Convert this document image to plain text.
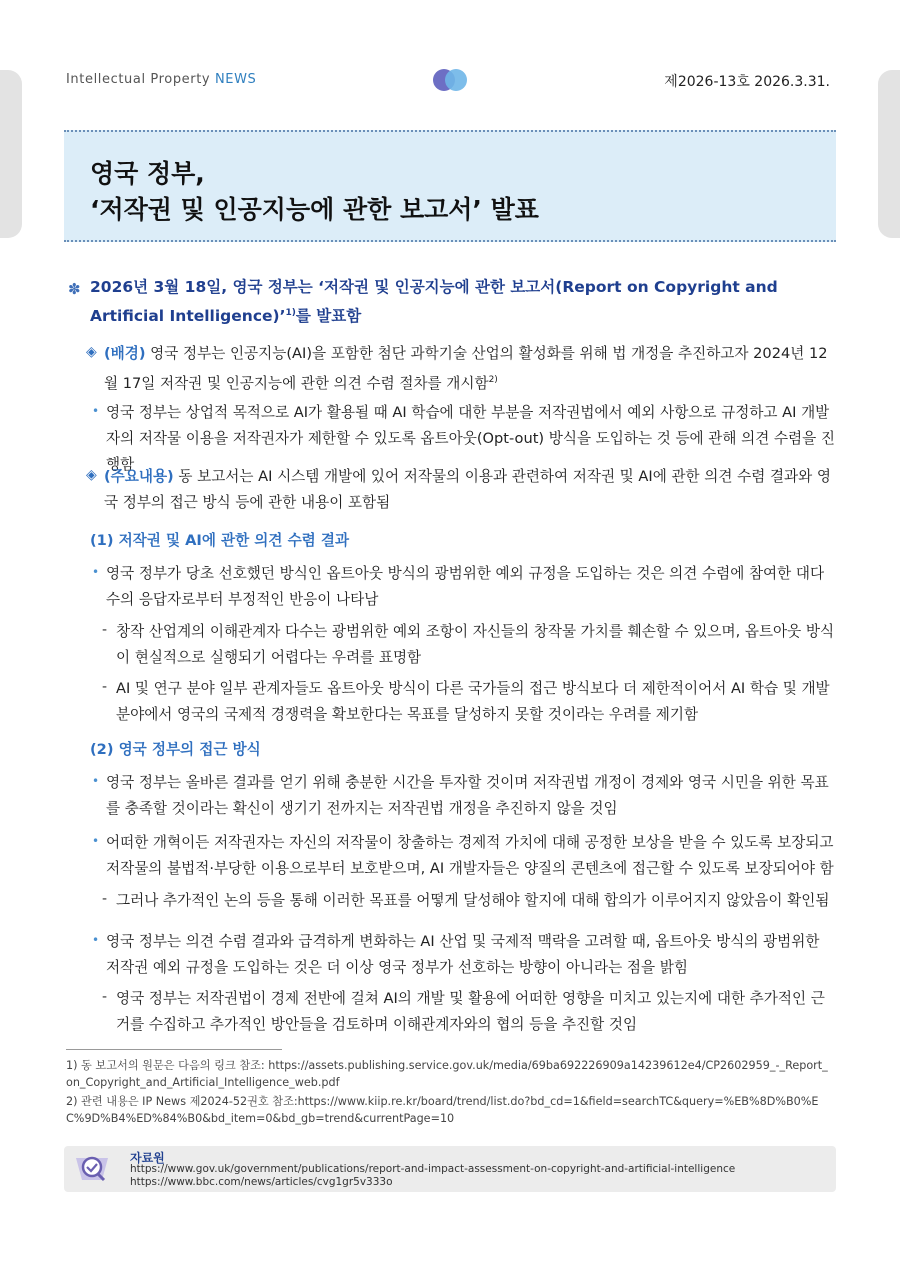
Intellectual Property NEWS	제2026-13호 2026.3.31.
영국 정부,
‘저작권 및 인공지능에 관한 보고서’ 발표
✽ 2026년 3월 18일, 영국 정부는 ‘저작권 및 인공지능에 관한 보고서(Report on Copyright and Artificial Intelligence)’$^{1)}$를 발표함
◈ (배경) 영국 정부는 인공지능(AI)을 포함한 첨단 과학기술 산업의 활성화를 위해 법 개정을 추진하고자 2024년 12월 17일 저작권 및 인공지능에 관한 의견 수렴 절차를 개시함$^{2)}$
• 영국 정부는 상업적 목적으로 AI가 활용될 때 AI 학습에 대한 부분을 저작권법에서 예외 사항으로 규정하고 AI 개발자의 저작물 이용을 저작권자가 제한할 수 있도록 옵트아웃(Opt-out) 방식을 도입하는 것 등에 관해 의견 수렴을 진행함
◈ (주요내용) 동 보고서는 AI 시스템 개발에 있어 저작물의 이용과 관련하여 저작권 및 AI에 관한 의견 수렴 결과와 영국 정부의 접근 방식 등에 관한 내용이 포함됨
(1) 저작권 및 AI에 관한 의견 수렴 결과
• 영국 정부가 당초 선호했던 방식인 옵트아웃 방식의 광범위한 예외 규정을 도입하는 것은 의견 수렴에 참여한 대다수의 응답자로부터 부정적인 반응이 나타남
- 창작 산업계의 이해관계자 다수는 광범위한 예외 조항이 자신들의 창작물 가치를 훼손할 수 있으며, 옵트아웃 방식이 현실적으로 실행되기 어렵다는 우려를 표명함
- AI 및 연구 분야 일부 관계자들도 옵트아웃 방식이 다른 국가들의 접근 방식보다 더 제한적이어서 AI 학습 및 개발 분야에서 영국의 국제적 경쟁력을 확보한다는 목표를 달성하지 못할 것이라는 우려를 제기함
(2) 영국 정부의 접근 방식
• 영국 정부는 올바른 결과를 얻기 위해 충분한 시간을 투자할 것이며 저작권법 개정이 경제와 영국 시민을 위한 목표를 충족할 것이라는 확신이 생기기 전까지는 저작권법 개정을 추진하지 않을 것임
• 어떠한 개혁이든 저작권자는 자신의 저작물이 창출하는 경제적 가치에 대해 공정한 보상을 받을 수 있도록 보장되고 저작물의 불법적·부당한 이용으로부터 보호받으며, AI 개발자들은 양질의 콘텐츠에 접근할 수 있도록 보장되어야 함
- 그러나 추가적인 논의 등을 통해 이러한 목표를 어떻게 달성해야 할지에 대해 합의가 이루어지지 않았음이 확인됨
• 영국 정부는 의견 수렴 결과와 급격하게 변화하는 AI 산업 및 국제적 맥락을 고려할 때, 옵트아웃 방식의 광범위한 저작권 예외 규정을 도입하는 것은 더 이상 영국 정부가 선호하는 방향이 아니라는 점을 밝힘
- 영국 정부는 저작권법이 경제 전반에 걸쳐 AI의 개발 및 활용에 어떠한 영향을 미치고 있는지에 대한 추가적인 근거를 수집하고 추가적인 방안들을 검토하며 이해관계자와의 협의 등을 추진할 것임
1) 동 보고서의 원문은 다음의 링크 참조: https://assets.publishing.service.gov.uk/media/69ba692226909a14239612e4/CP2602959_-_Report_on_Copyright_and_Artificial_Intelligence_web.pdf
2) 관련 내용은 IP News 제2024-52권호 참조:https://www.kiip.re.kr/board/trend/list.do?bd_cd=1&field=searchTC&query=%EB%8D%B0%EC%9D%B4%ED%84%B0&bd_item=0&bd_gb=trend&currentPage=10
자료원
https://www.gov.uk/government/publications/report-and-impact-assessment-on-copyright-and-artificial-intelligence
https://www.bbc.com/news/articles/cvg1gr5v333o
